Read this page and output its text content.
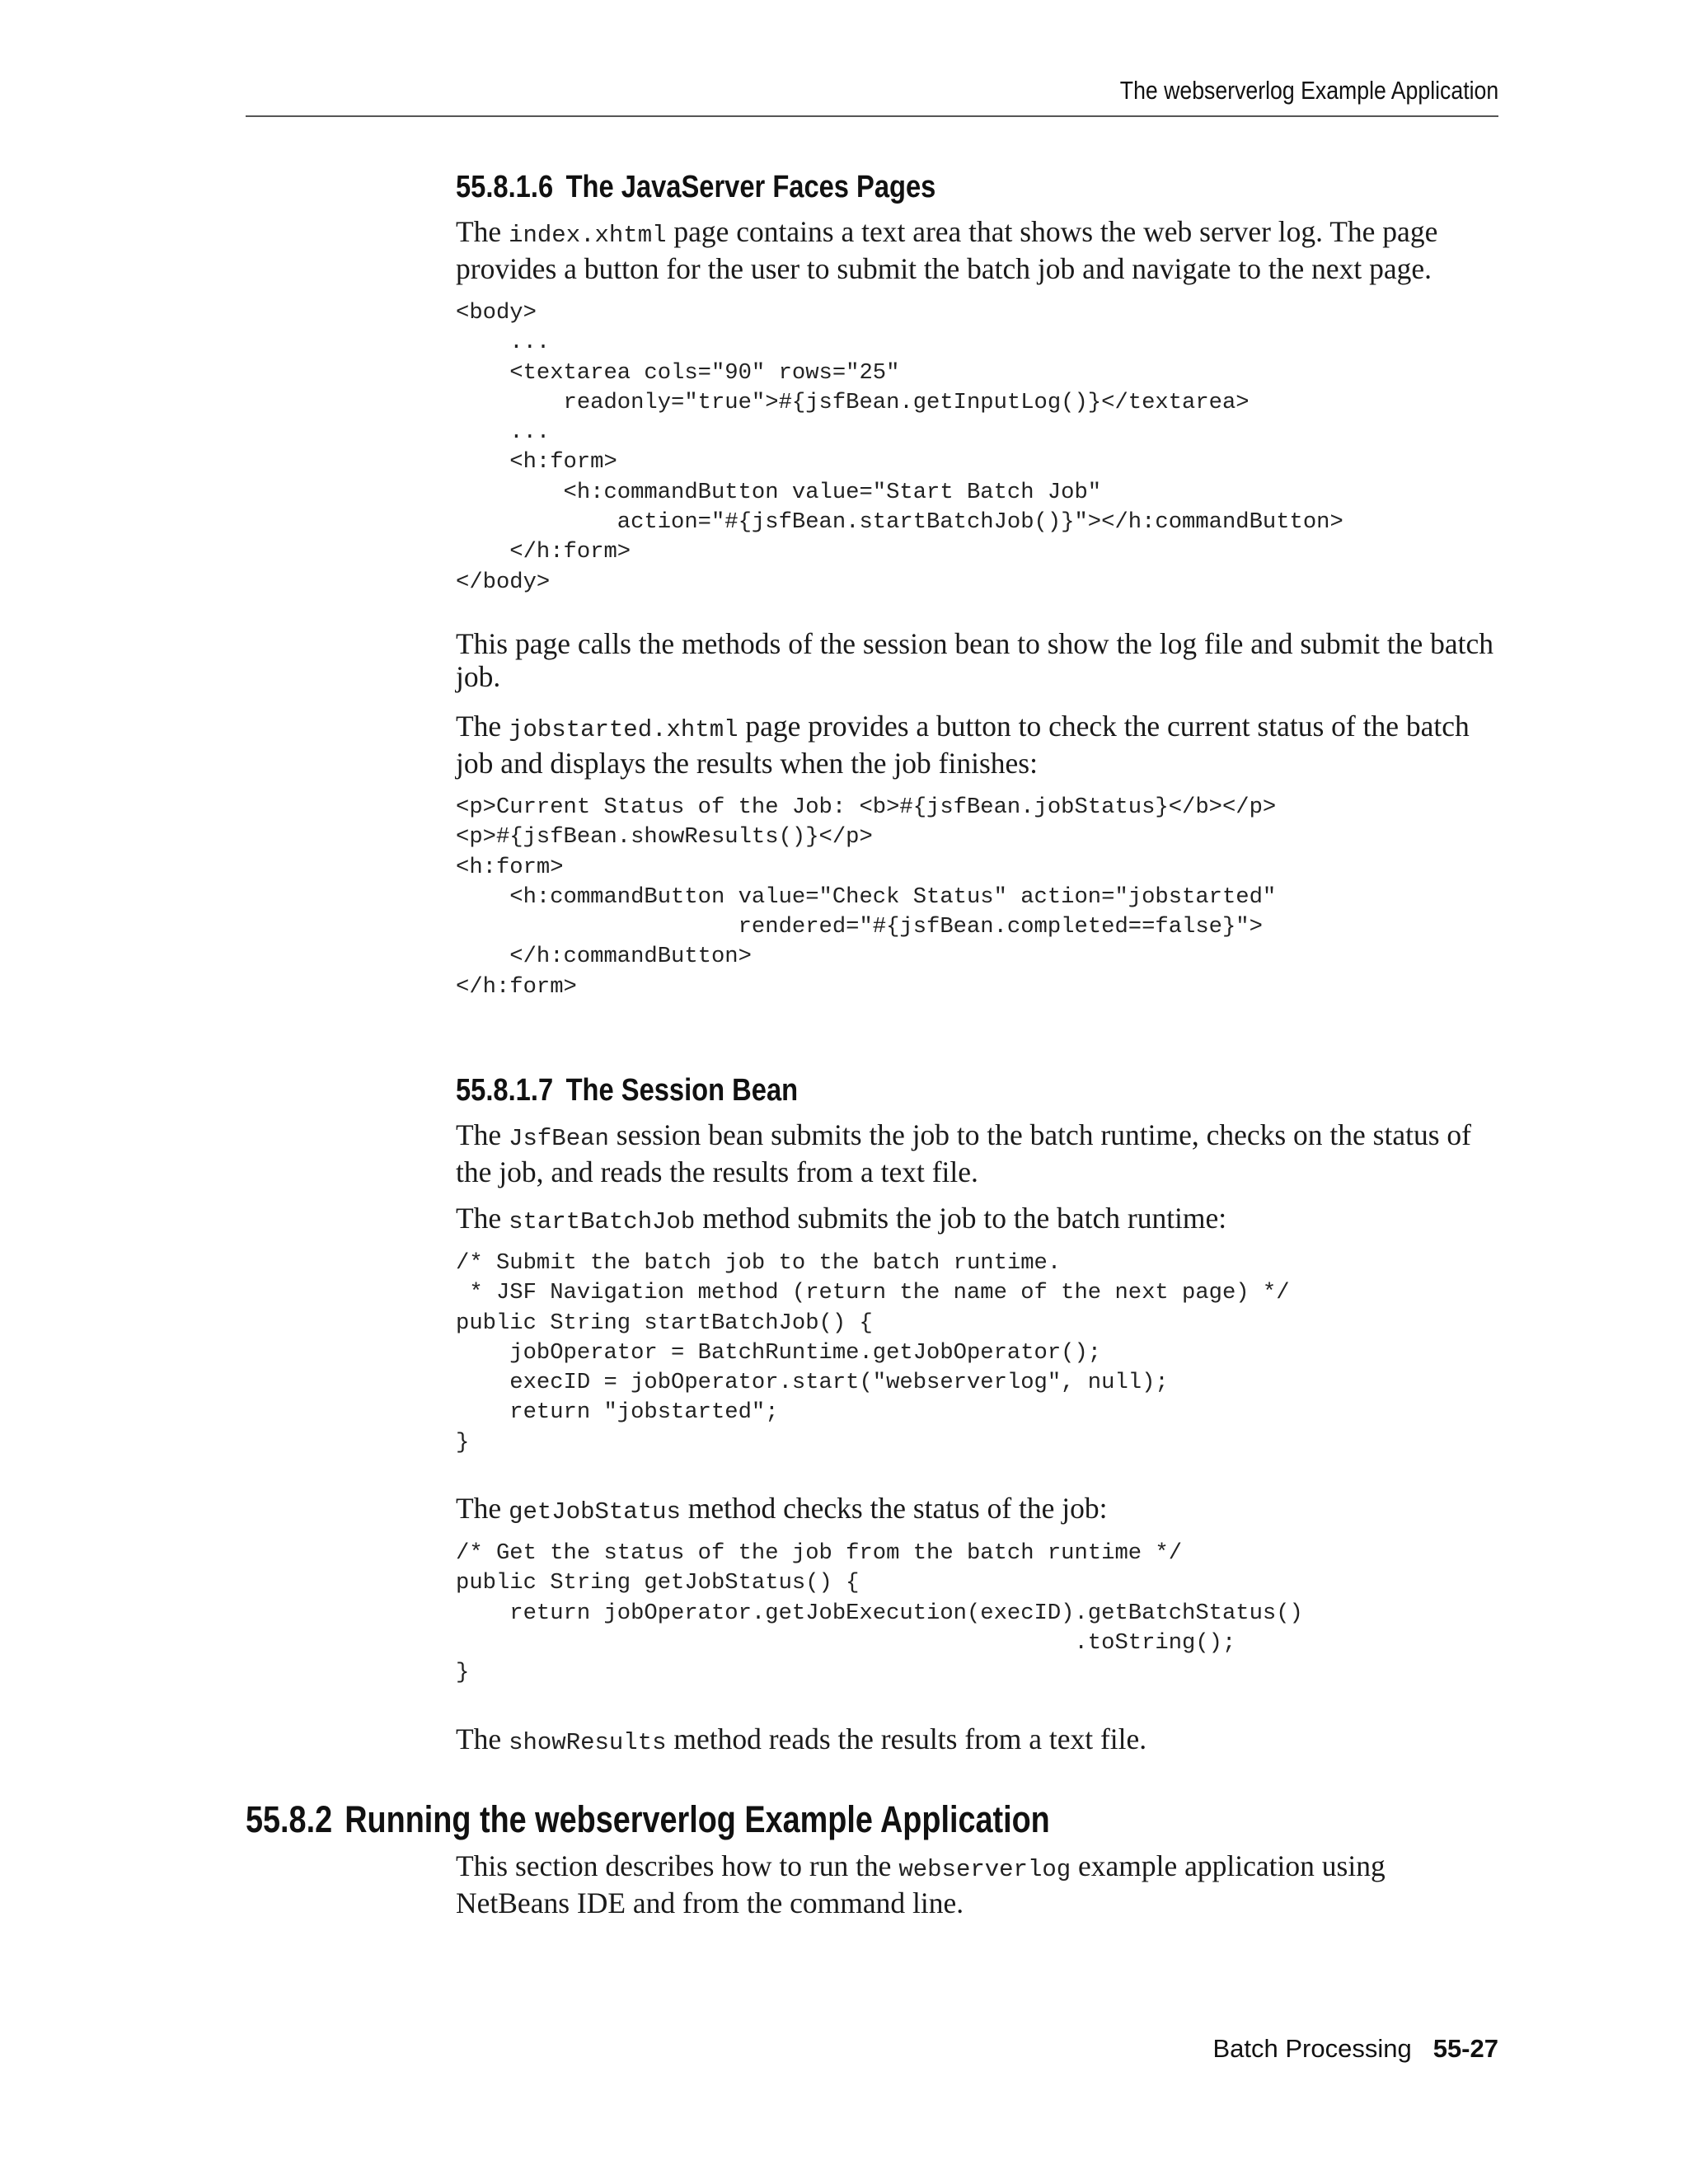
The webserverlog Example Application
55.8.1.6 The JavaServer Faces Pages

The index.xhtml page contains a text area that shows the web server log. The page provides a button for the user to submit the batch job and navigate to the next page.

<body>
...
<textarea cols="90" rows="25"
readonly="true">#{jsfBean.getInputLog()}</textarea>
...
<h:form>
<h:commandButton value="Start Batch Job"
action="#{jsfBean.startBatchJob()}"></h:commandButton>
</h:form>
</body>

This page calls the methods of the session bean to show the log file and submit the batch job.

The jobstarted.xhtml page provides a button to check the current status of the batch job and displays the results when the job finishes:

<p>Current Status of the Job: <b>#{jsfBean.jobStatus}</b></p>
<p>#{jsfBean.showResults()}</p>
<h:form>
<h:commandButton value="Check Status" action="jobstarted"
rendered="#{jsfBean.completed==false}">
</h:commandButton>
</h:form>
55.8.1.7 The Session Bean

The JsfBean session bean submits the job to the batch runtime, checks on the status of the job, and reads the results from a text file.

The startBatchJob method submits the job to the batch runtime:

/* Submit the batch job to the batch runtime.
* JSF Navigation method (return the name of the next page) */
public String startBatchJob() {
jobOperator = BatchRuntime.getJobOperator();
execID = jobOperator.start("webserverlog", null);
return "jobstarted";
}

The getJobStatus method checks the status of the job:

/* Get the status of the job from the batch runtime */
public String getJobStatus() {
return jobOperator.getJobExecution(execID).getBatchStatus()
.toString();
}

The showResults method reads the results from a text file.

55.8.2 Running the webserverlog Example Application

This section describes how to run the webserverlog example application using NetBeans IDE and from the command line.

Batch Processing 55-27
